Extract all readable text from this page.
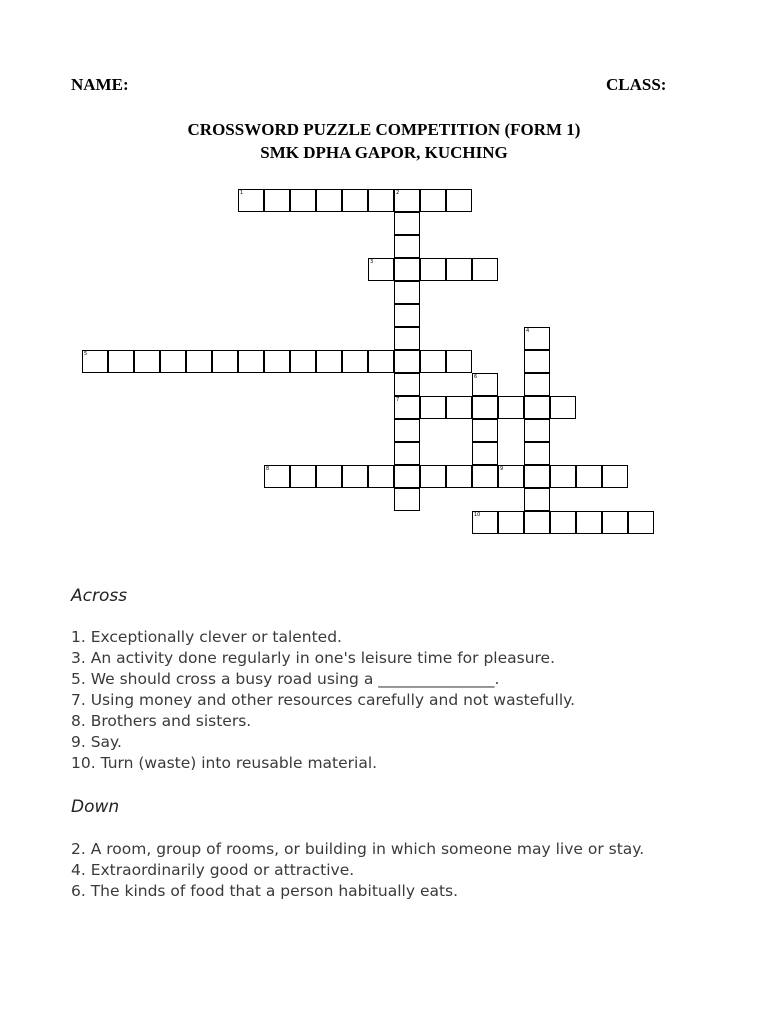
NAME:	CLASS:
CROSSWORD PUZZLE COMPETITION (FORM 1)
SMK DPHA GAPOR, KUCHING
1	2
7
3
4
5
6
8	9
10
Across

1. Exceptionally clever or talented.

3. An activity done regularly in one's leisure time for pleasure.

5. We should cross a busy road using a _______________.

7. Using money and other resources carefully and not wastefully.

8. Brothers and sisters.

9. Say.

10. Turn (waste) into reusable material.

Down

2. A room, group of rooms, or building in which someone may live or stay.

4. Extraordinarily good or attractive.

6. The kinds of food that a person habitually eats.
